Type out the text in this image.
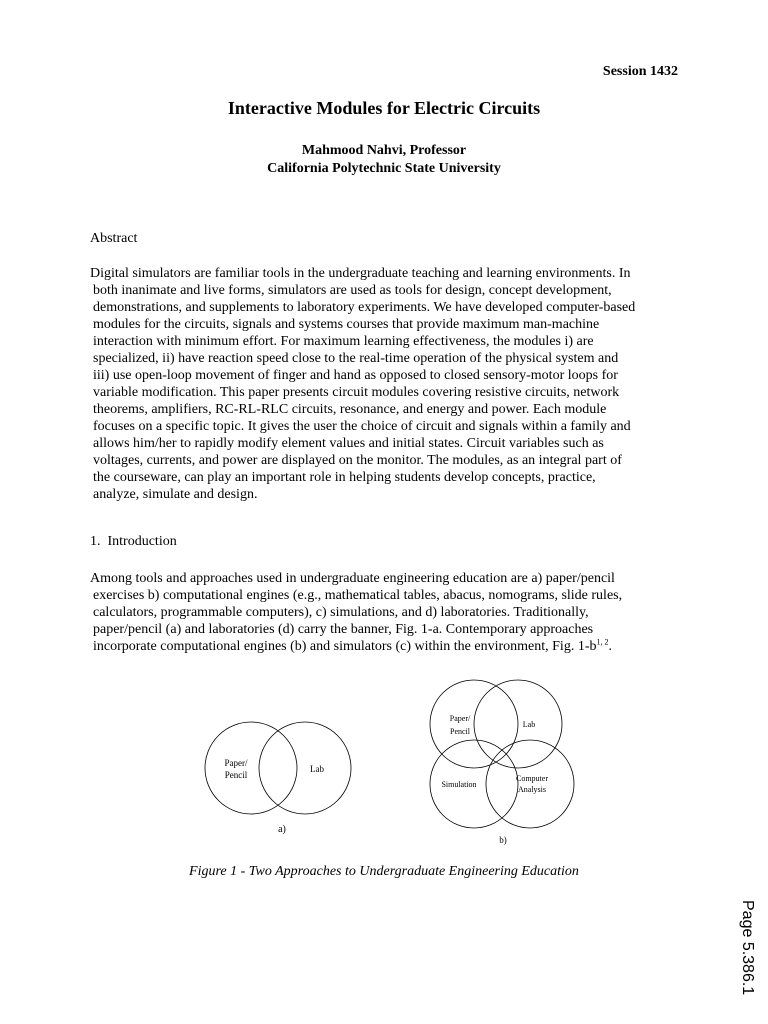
Session 1432
Interactive Modules for Electric Circuits
Mahmood Nahvi, Professor
California Polytechnic State University
Abstract
Digital simulators are familiar tools in the undergraduate teaching and learning environments. In
both inanimate and live forms, simulators are used as tools for design, concept development,
demonstrations, and supplements to laboratory experiments. We have developed computer-based
modules for the circuits, signals and systems courses that provide maximum man-machine
interaction with minimum effort. For maximum learning effectiveness, the modules i) are
specialized, ii) have reaction speed close to the real-time operation of the physical system and
iii) use open-loop movement of finger and hand as opposed to closed sensory-motor loops for
variable modification. This paper presents circuit modules covering resistive circuits, network
theorems, amplifiers, RC-RL-RLC circuits, resonance, and energy and power. Each module
focuses on a specific topic. It gives the user the choice of circuit and signals within a family and
allows him/her to rapidly modify element values and initial states. Circuit variables such as
voltages, currents, and power are displayed on the monitor. The modules, as an integral part of
the courseware, can play an important role in helping students develop concepts, practice,
analyze, simulate and design.
1. Introduction
Among tools and approaches used in undergraduate engineering education are a) paper/pencil
exercises b) computational engines (e.g., mathematical tables, abacus, nomograms, slide rules,
calculators, programmable computers), c) simulations, and d) laboratories. Traditionally,
paper/pencil (a) and laboratories (d) carry the banner, Fig. 1-a. Contemporary approaches
incorporate computational engines (b) and simulators (c) within the environment, Fig. $1-b^{1, 2}$.
Paper/
Pencil
Lab
a)
Paper/
Pencil
Lab
Simulation
Computer
Analysis
b)
Figure 1 - Two Approaches to Undergraduate Engineering Education
Page 5.386.1
